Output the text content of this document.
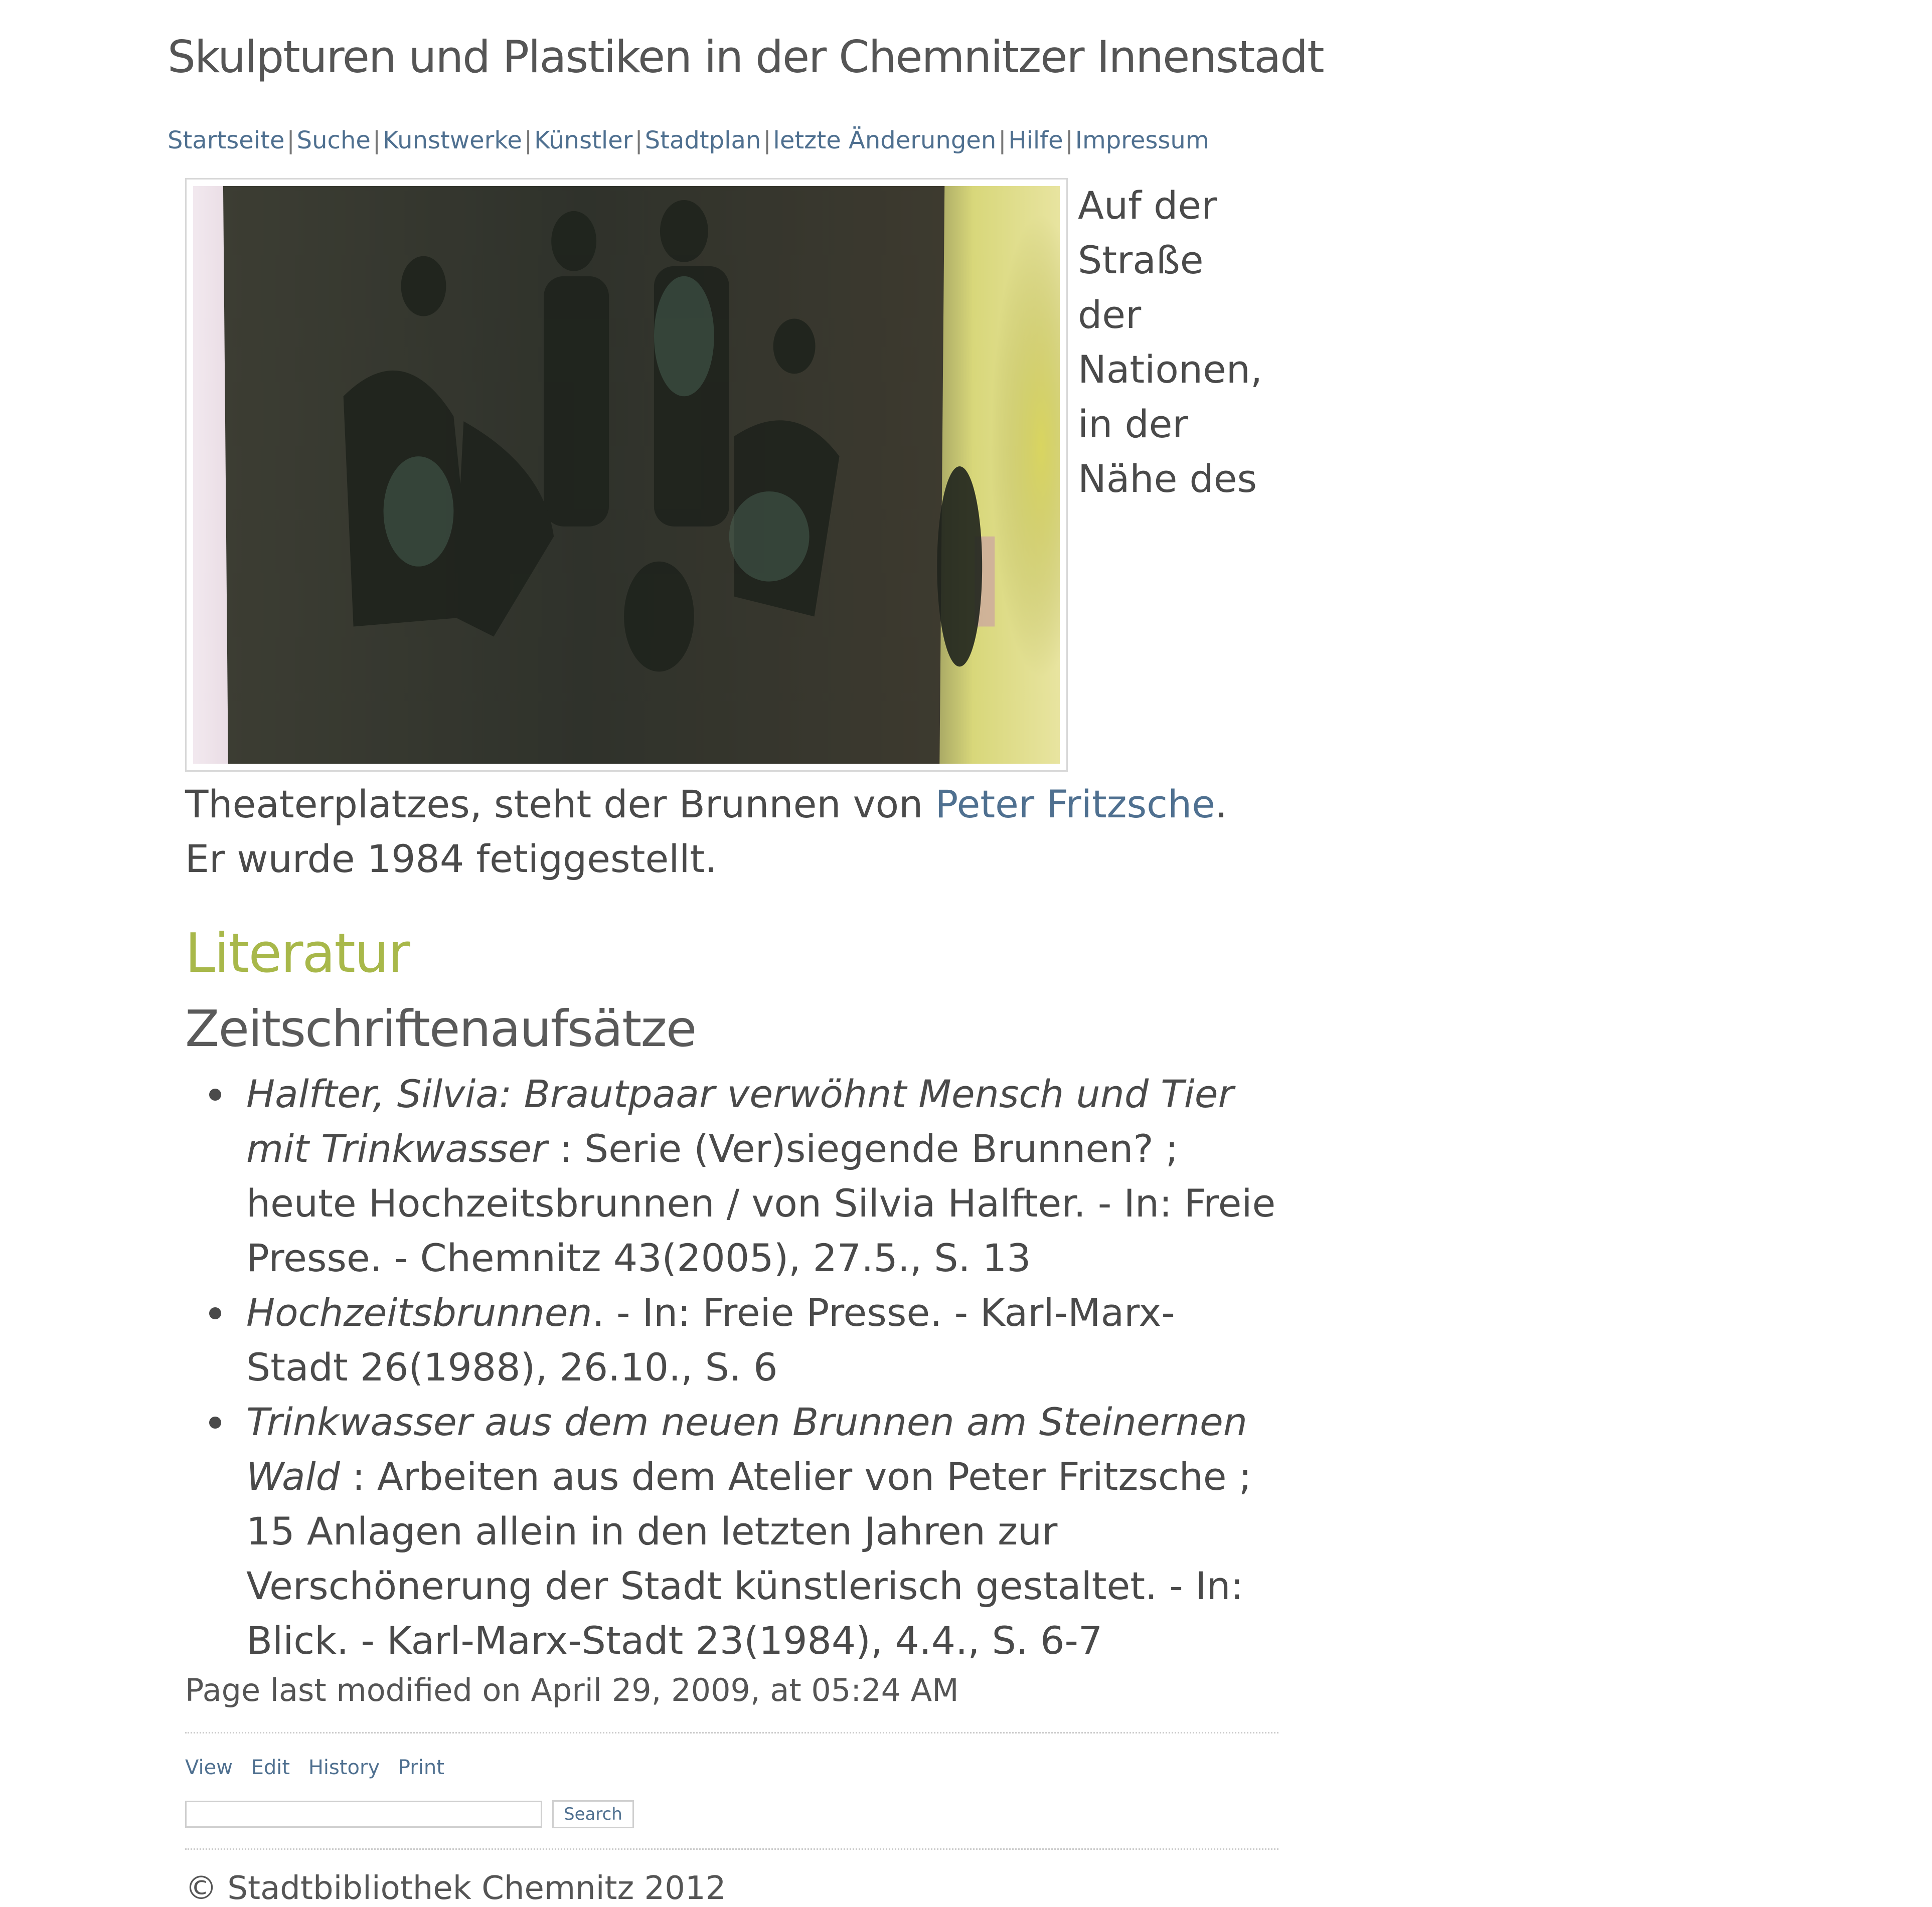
Skulpturen und Plastiken in der Chemnitzer Innenstadt
Startseite|Suche|Kunstwerke|Künstler|Stadtplan|letzte Änderungen|Hilfe|Impressum
Auf der Straße der Nationen, in der Nähe des Theaterplatzes, steht der Brunnen von Peter Fritzsche. Er wurde 1984 fetiggestellt.
Literatur
Zeitschriftenaufsätze
Halfter, Silvia: Brautpaar verwöhnt Mensch und Tier mit Trinkwasser : Serie (Ver)siegende Brunnen? ; heute Hochzeitsbrunnen / von Silvia Halfter. - In: Freie Presse. - Chemnitz 43(2005), 27.5., S. 13
Hochzeitsbrunnen. - In: Freie Presse. - Karl-Marx-Stadt 26(1988), 26.10., S. 6
Trinkwasser aus dem neuen Brunnen am Steinernen Wald : Arbeiten aus dem Atelier von Peter Fritzsche ; 15 Anlagen allein in den letzten Jahren zur Verschönerung der Stadt künstlerisch gestaltet. - In: Blick. - Karl-Marx-Stadt 23(1984), 4.4., S. 6-7
Page last modified on April 29, 2009, at 05:24 AM
View Edit History Print
Search
© Stadtbibliothek Chemnitz 2012
